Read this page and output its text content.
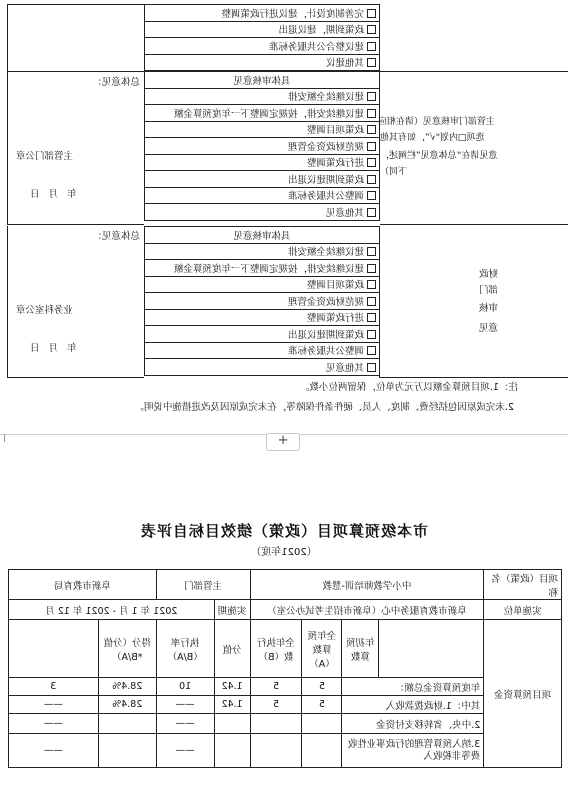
完善制度设计，建议进行政策调整
政策到期，建议退出
建议整合公共服务标准
其他建议
主管部门审核意见（请在相应
选项□内划“√”，如有其他
意见请在“总体意见”栏阐述，
下同）
具体审核意见
建议继续全额安排
建议继续安排，按规定调整下一年度预算金额
政策项目调整
规范财政资金管理
进行政策调整
政策到期建议退出
调整公共服务标准
其他意见
总体意见：
主管部门公章
年 月 日
财政
部门
审核
意见
具体审核意见
建议继续全额安排
建议继续安排，按规定调整下一年度预算金额
政策项目调整
规范财政资金管理
进行政策调整
政策到期建议退出
调整公共服务标准
其他意见
总体意见：
业务科室公章
年 月 日
注：1.项目预算金额以万元为单位，保留两位小数。
2.未完成原因包括经费、制度、人员、硬件条件保障等，在未完成原因及改进措施中说明。
+
市本级预算项目（政策）绩效目标自评表
（2021年度）
项目（政策）名称	中小学教师培训-慧教				主管部门		阜新市教育局	
实施单位	阜新市教育服务中心（阜新市招生考试办公室）				实施期	2021 年 1 月 - 2021 年 12 月		
项目预算资金		年初预算数	全年预算数（A）	全年执行数（B）	分值	执行率（B/A）	得分（分值*B/A）	
	年度预算资金总额：		5	5	1.42	10	28.4%	3
	其中：1.财政拨款收入		5	5	1.42	——	28.4%	——
	2.中央、省转移支付资金					——		——
	3.纳入预算管理的行政事业性收费等非税收入					——		——
